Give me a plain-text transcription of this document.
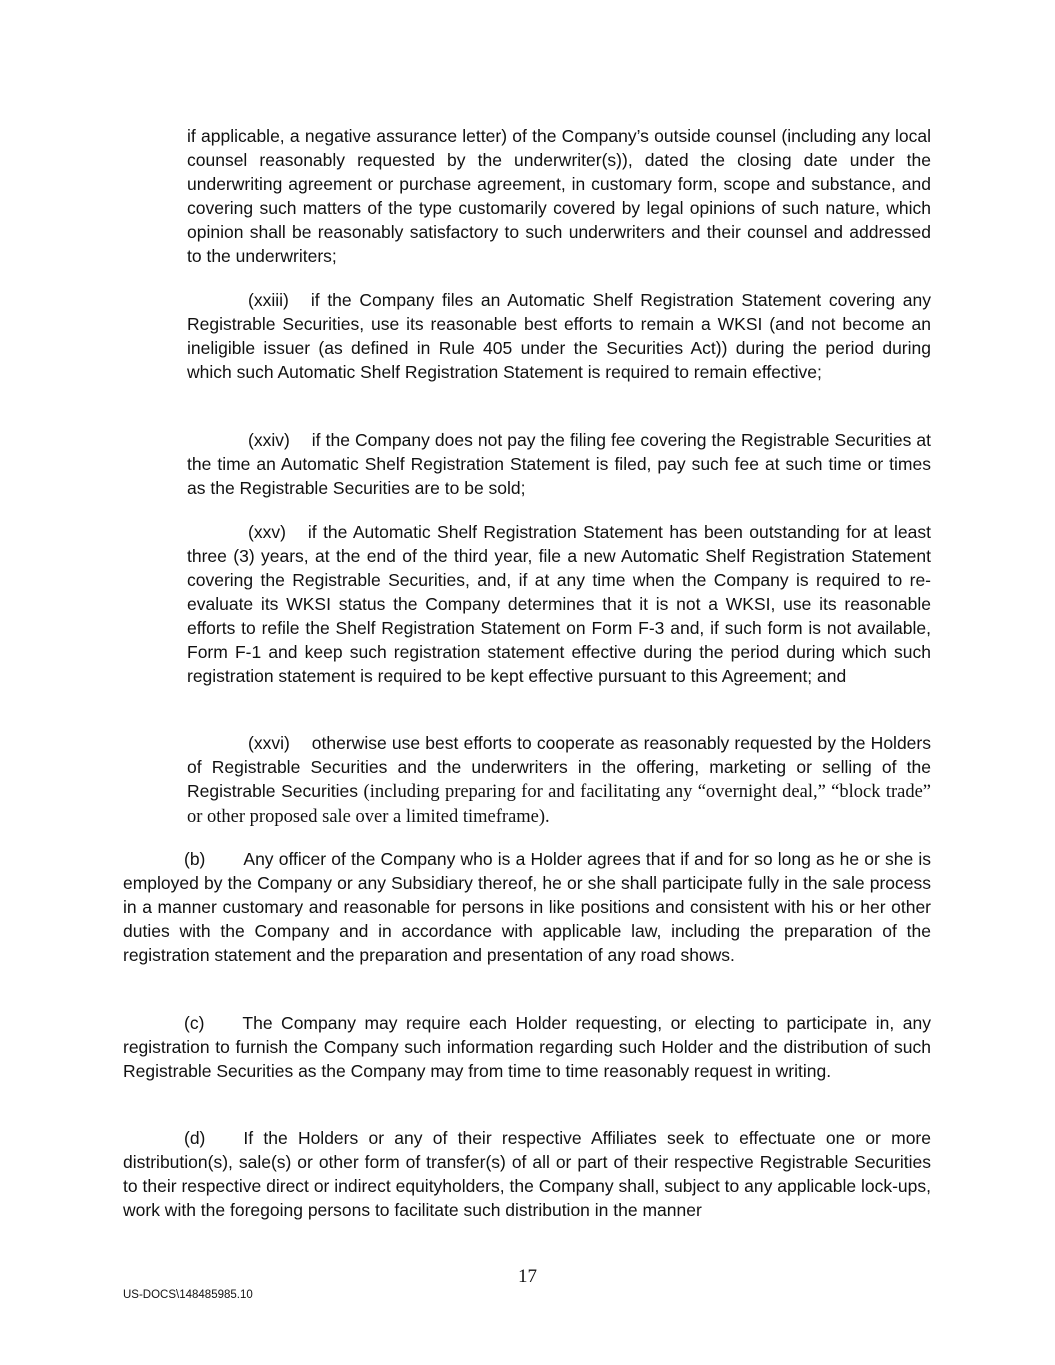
if applicable, a negative assurance letter) of the Company’s outside counsel (including any local counsel reasonably requested by the underwriter(s)), dated the closing date under the underwriting agreement or purchase agreement, in customary form, scope and substance, and covering such matters of the type customarily covered by legal opinions of such nature, which opinion shall be reasonably satisfactory to such underwriters and their counsel and addressed to the underwriters;

(xxiii) if the Company files an Automatic Shelf Registration Statement covering any Registrable Securities, use its reasonable best efforts to remain a WKSI (and not become an ineligible issuer (as defined in Rule 405 under the Securities Act)) during the period during which such Automatic Shelf Registration Statement is required to remain effective;

(xxiv) if the Company does not pay the filing fee covering the Registrable Securities at the time an Automatic Shelf Registration Statement is filed, pay such fee at such time or times as the Registrable Securities are to be sold;

(xxv) if the Automatic Shelf Registration Statement has been outstanding for at least three (3) years, at the end of the third year, file a new Automatic Shelf Registration Statement covering the Registrable Securities, and, if at any time when the Company is required to re-evaluate its WKSI status the Company determines that it is not a WKSI, use its reasonable efforts to refile the Shelf Registration Statement on Form F-3 and, if such form is not available, Form F-1 and keep such registration statement effective during the period during which such registration statement is required to be kept effective pursuant to this Agreement; and

(xxvi) otherwise use best efforts to cooperate as reasonably requested by the Holders of Registrable Securities and the underwriters in the offering, marketing or selling of the Registrable Securities (including preparing for and facilitating any “overnight deal,” “block trade” or other proposed sale over a limited timeframe).

(b) Any officer of the Company who is a Holder agrees that if and for so long as he or she is employed by the Company or any Subsidiary thereof, he or she shall participate fully in the sale process in a manner customary and reasonable for persons in like positions and consistent with his or her other duties with the Company and in accordance with applicable law, including the preparation of the registration statement and the preparation and presentation of any road shows.

(c) The Company may require each Holder requesting, or electing to participate in, any registration to furnish the Company such information regarding such Holder and the distribution of such Registrable Securities as the Company may from time to time reasonably request in writing.

(d) If the Holders or any of their respective Affiliates seek to effectuate one or more distribution(s), sale(s) or other form of transfer(s) of all or part of their respective Registrable Securities to their respective direct or indirect equityholders, the Company shall, subject to any applicable lock-ups, work with the foregoing persons to facilitate such distribution in the manner

17
US-DOCS\148485985.10
